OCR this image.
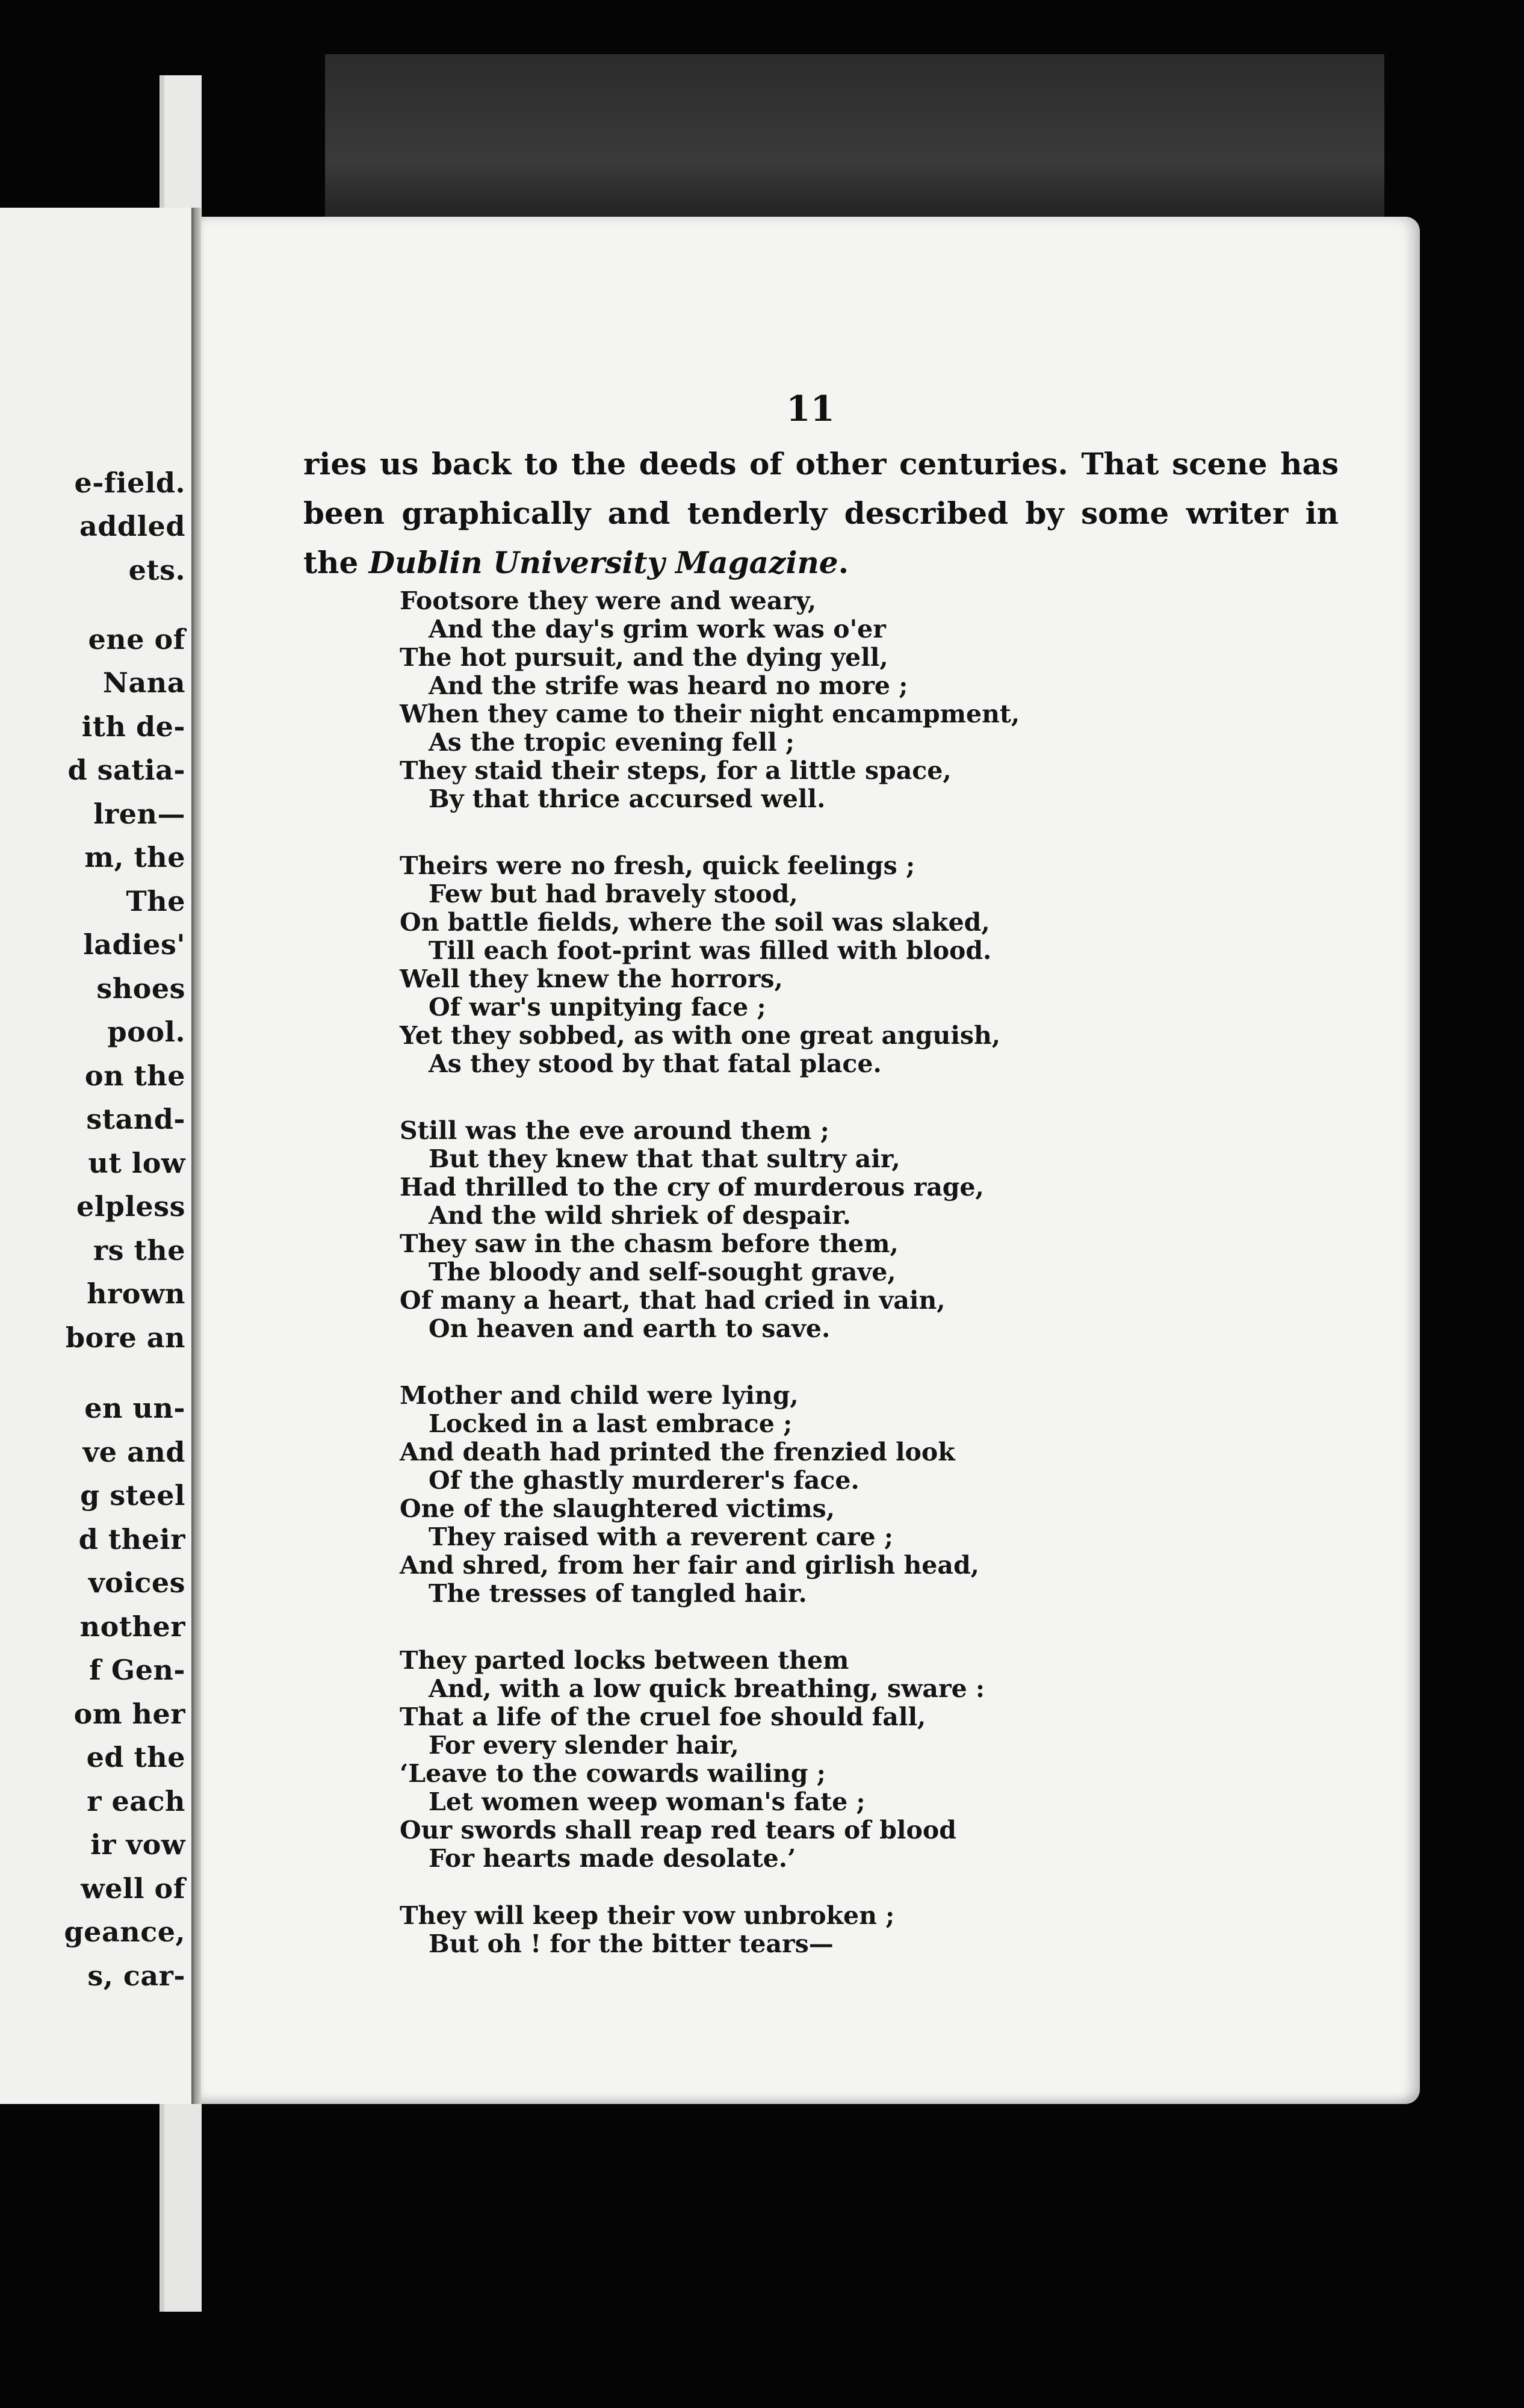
e-field.

addled

ets.

ene of

Nana

ith de-

d satia-

lren—

m, the

The

ladies'

shoes

pool.

on the

stand-

ut low

elpless

rs the

hrown

bore an

en un-

ve and

g steel

d their

voices

nother

f Gen-

om her

ed the

r each

ir vow

well of

geance,

s, car-

11

ries us back to the deeds of other centuries. That scene has

been graphically and tenderly described by some writer in

the Dublin University Magazine.

Footsore they were and weary,

And the day's grim work was o'er

The hot pursuit, and the dying yell,

And the strife was heard no more ;

When they came to their night encampment,

As the tropic evening fell ;

They staid their steps, for a little space,

By that thrice accursed well.

Theirs were no fresh, quick feelings ;

Few but had bravely stood,

On battle fields, where the soil was slaked,

Till each foot-print was filled with blood.

Well they knew the horrors,

Of war's unpitying face ;

Yet they sobbed, as with one great anguish,

As they stood by that fatal place.

Still was the eve around them ;

But they knew that that sultry air,

Had thrilled to the cry of murderous rage,

And the wild shriek of despair.

They saw in the chasm before them,

The bloody and self-sought grave,

Of many a heart, that had cried in vain,

On heaven and earth to save.

Mother and child were lying,

Locked in a last embrace ;

And death had printed the frenzied look

Of the ghastly murderer's face.

One of the slaughtered victims,

They raised with a reverent care ;

And shred, from her fair and girlish head,

The tresses of tangled hair.

They parted locks between them

And, with a low quick breathing, sware :

That a life of the cruel foe should fall,

For every slender hair,

‘Leave to the cowards wailing ;

Let women weep woman's fate ;

Our swords shall reap red tears of blood

For hearts made desolate.’

They will keep their vow unbroken ;

But oh ! for the bitter tears—
